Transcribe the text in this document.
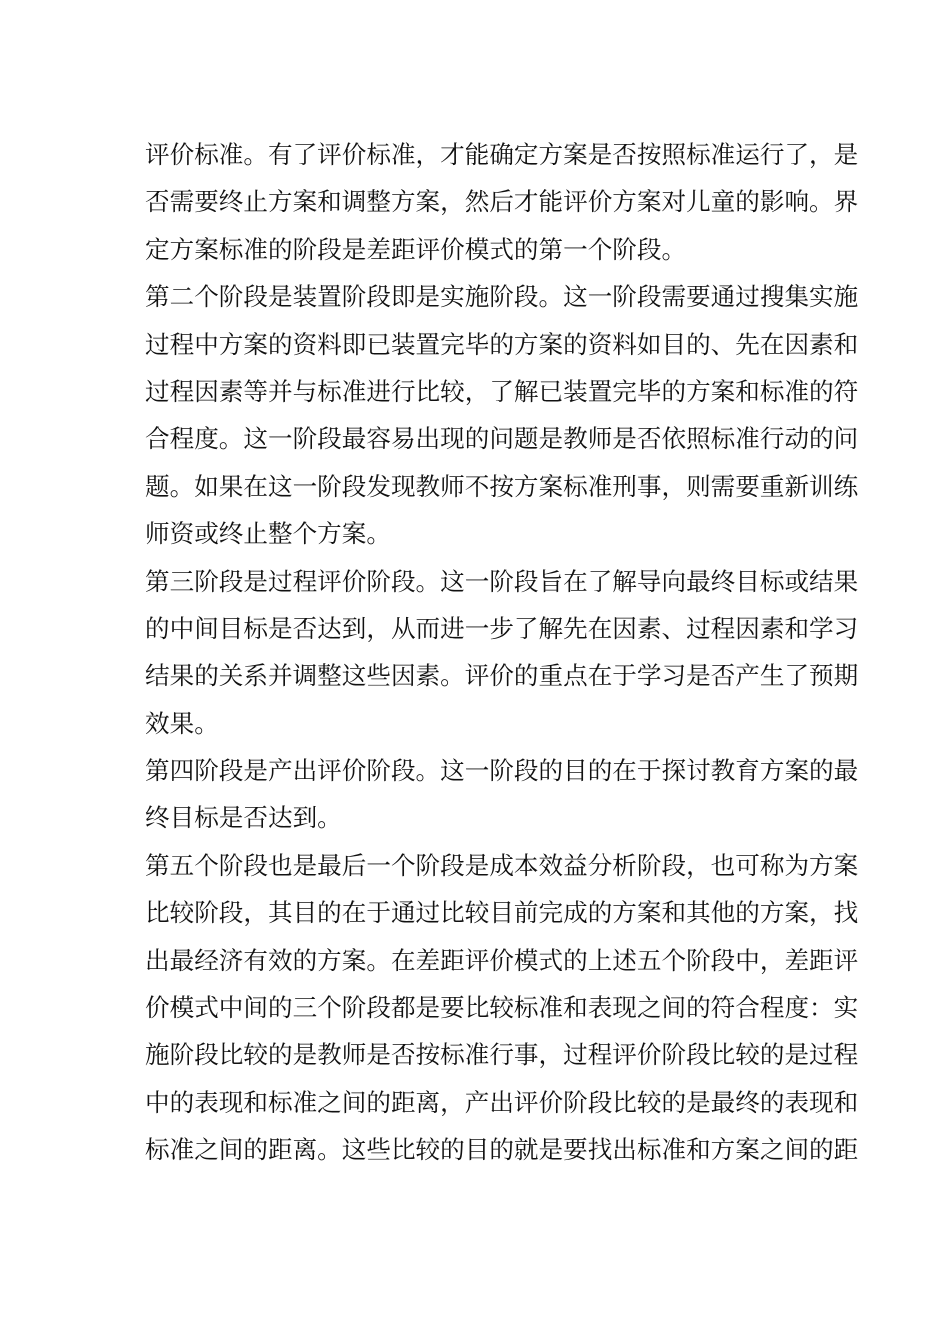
评价标准。有了评价标准，才能确定方案是否按照标准运行了，是
否需要终止方案和调整方案，然后才能评价方案对儿童的影响。界
定方案标准的阶段是差距评价模式的第一个阶段。
第二个阶段是装置阶段即是实施阶段。这一阶段需要通过搜集实施
过程中方案的资料即已装置完毕的方案的资料如目的、先在因素和
过程因素等并与标准进行比较，了解已装置完毕的方案和标准的符
合程度。这一阶段最容易出现的问题是教师是否依照标准行动的问
题。如果在这一阶段发现教师不按方案标准刑事，则需要重新训练
师资或终止整个方案。
第三阶段是过程评价阶段。这一阶段旨在了解导向最终目标或结果
的中间目标是否达到，从而进一步了解先在因素、过程因素和学习
结果的关系并调整这些因素。评价的重点在于学习是否产生了预期
效果。
第四阶段是产出评价阶段。这一阶段的目的在于探讨教育方案的最
终目标是否达到。
第五个阶段也是最后一个阶段是成本效益分析阶段，也可称为方案
比较阶段，其目的在于通过比较目前完成的方案和其他的方案，找
出最经济有效的方案。在差距评价模式的上述五个阶段中，差距评
价模式中间的三个阶段都是要比较标准和表现之间的符合程度：实
施阶段比较的是教师是否按标准行事，过程评价阶段比较的是过程
中的表现和标准之间的距离，产出评价阶段比较的是最终的表现和
标准之间的距离。这些比较的目的就是要找出标准和方案之间的距
